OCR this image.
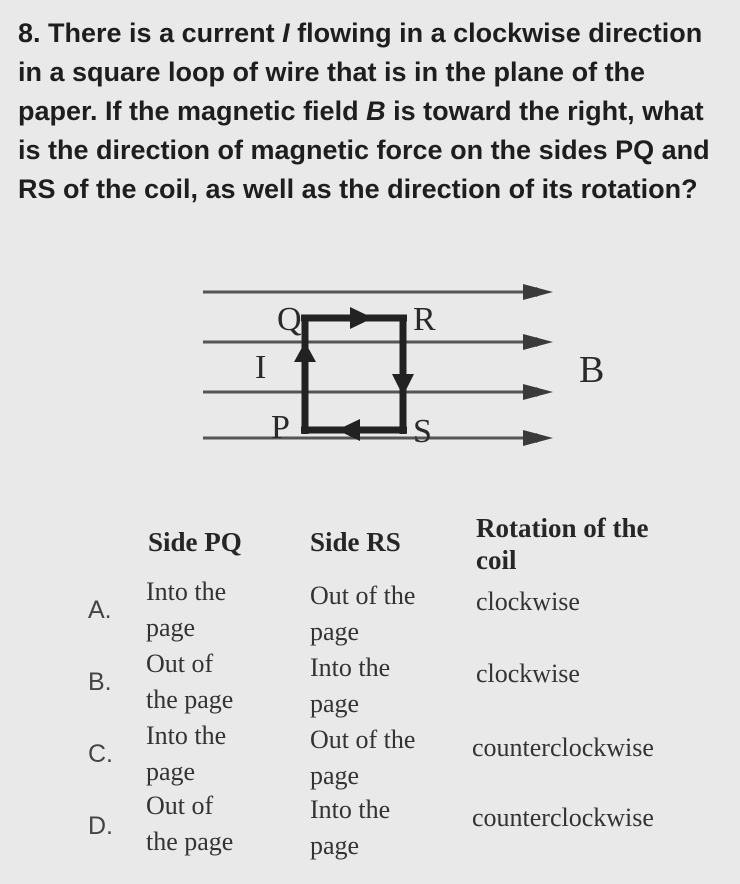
8. There is a current I flowing in a clockwise direction in a square loop of wire that is in the plane of the paper. If the magnetic field B is toward the right, what is the direction of magnetic force on the sides PQ and RS of the coil, as well as the direction of its rotation?

Q
I
P
R
S
B
Side PQ	Side RS	Rotation of the
coil
A.
Into the
page
Out of the
page
clockwise
B.
Out of
the page
Into the
page
clockwise
C.
Into the
page
Out of the
page
counterclockwise
D.
Out of
the page
Into the
page
counterclockwise
